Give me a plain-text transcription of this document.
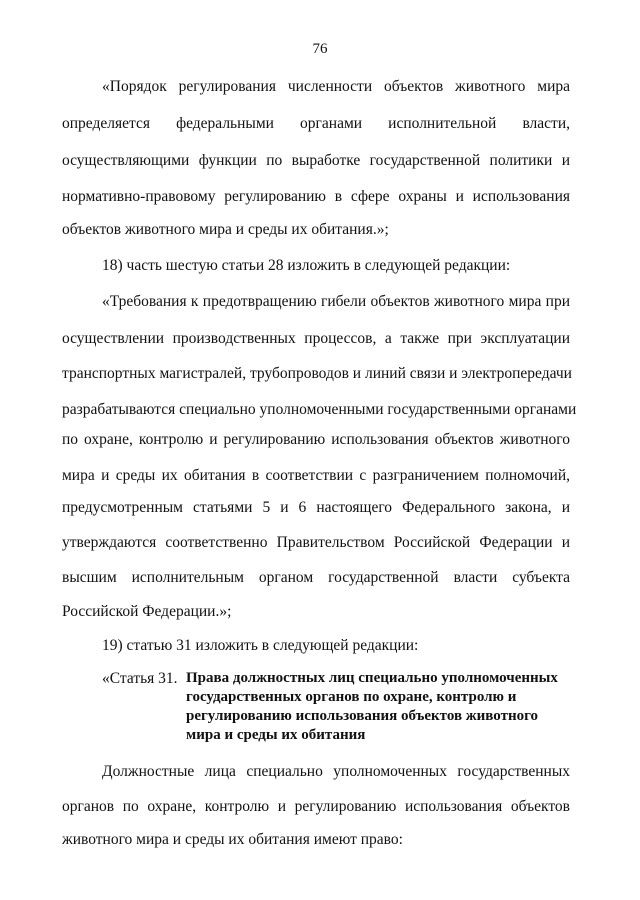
76
«Порядок регулирования численности объектов животного мира
определяется федеральными органами исполнительной власти,
осуществляющими функции по выработке государственной политики и
нормативно-правовому регулированию в сфере охраны и использования
объектов животного мира и среды их обитания.»;
18) часть шестую статьи 28 изложить в следующей редакции:
«Требования к предотвращению гибели объектов животного мира при
осуществлении производственных процессов, а также при эксплуатации
транспортных магистралей, трубопроводов и линий связи и электропередачи
разрабатываются специально уполномоченными государственными органами
по охране, контролю и регулированию использования объектов животного
мира и среды их обитания в соответствии с разграничением полномочий,
предусмотренным статьями 5 и 6 настоящего Федерального закона, и
утверждаются соответственно Правительством Российской Федерации и
высшим исполнительным органом государственной власти субъекта
Российской Федерации.»;
19) статью 31 изложить в следующей редакции:
«Статья 31. Права должностных лиц специально уполномоченных
государственных органов по охране, контролю и
регулированию использования объектов животного
мира и среды их обитания
Должностные лица специально уполномоченных государственных
органов по охране, контролю и регулированию использования объектов
животного мира и среды их обитания имеют право:
